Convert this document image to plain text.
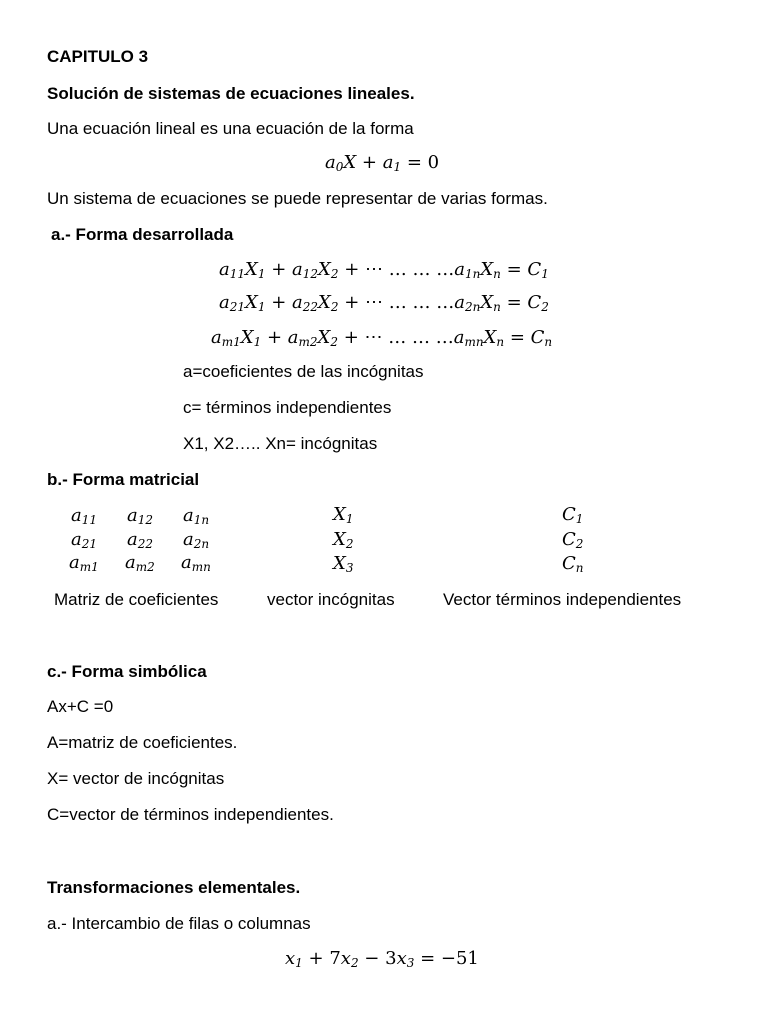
CAPITULO 3
Solución de sistemas de ecuaciones lineales.
Una ecuación lineal es una ecuación de la forma
$a_0X + a_1 = 0$
Un sistema de ecuaciones se puede representar de varias formas.
a.- Forma desarrollada
$a_{11}X_1 + a_{12}X_2$ + ⋯ … … $\dots a_{1n}X_n = C_1$
$a_{21}X_1 + a_{22}X_2$ + ⋯ … … $\dots a_{2n}X_n = C_2$
$a_{m1}X_1 + a_{m2}X_2$ + ⋯ … … $\dots a_{mn}X_n = C_n$
a=coeficientes de las incógnitas
c= términos independientes
X1, X2….. Xn= incógnitas
b.- Forma matricial
$a_{11}$ $a_{12}$ $a_{1n}$
$a_{21}$ $a_{22}$ $a_{2n}$
$a_{m1}$ $a_{m2}$ $a_{mn}$
$X_1$
$X_2$
$X_3$
$C_1$
$C_2$
$C_n$
Matriz de coeficientes	vector incógnitas	Vector términos independientes
c.- Forma simbólica
Ax+C =0
A=matriz de coeficientes.
X= vector de incógnitas
C=vector de términos independientes.
Transformaciones elementales.
a.- Intercambio de filas o columnas
$x_1 + 7x_2 - 3x_3 = -51$
